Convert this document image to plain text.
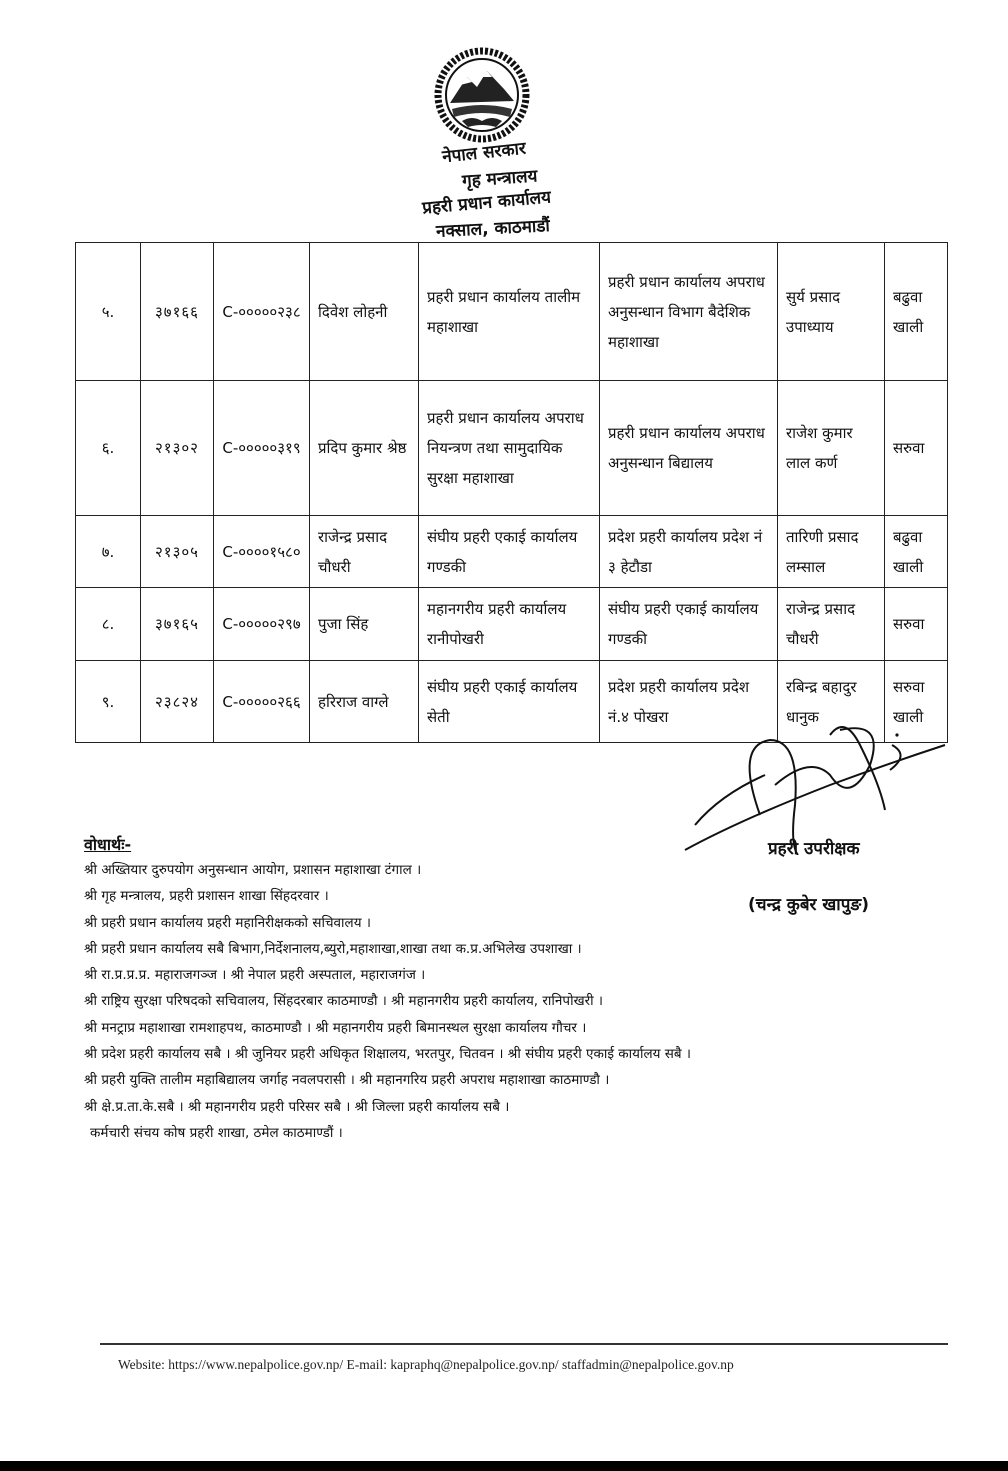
नेपाल सरकार
गृह मन्त्रालय
प्रहरी प्रधान कार्यालय
नक्साल, काठमाडौं
५.	३७१६६	C-०००००२३८	दिवेश लोहनी	प्रहरी प्रधान कार्यालय तालीम महाशाखा	प्रहरी प्रधान कार्यालय अपराध अनुसन्धान विभाग बैदेशिक महाशाखा	सुर्य प्रसाद उपाध्याय	बढुवा खाली
६.	२१३०२	C-०००००३१९	प्रदिप कुमार श्रेष्ठ	प्रहरी प्रधान कार्यालय अपराध नियन्त्रण तथा सामुदायिक सुरक्षा महाशाखा	प्रहरी प्रधान कार्यालय अपराध अनुसन्धान बिद्यालय	राजेश कुमार लाल कर्ण	सरुवा
७.	२१३०५	C-००००१५८०	राजेन्द्र प्रसाद चौधरी	संघीय प्रहरी एकाई कार्यालय गण्डकी	प्रदेश प्रहरी कार्यालय प्रदेश नं ३ हेटौडा	तारिणी प्रसाद लम्साल	बढुवा खाली
८.	३७१६५	C-०००००२९७	पुजा सिंह	महानगरीय प्रहरी कार्यालय रानीपोखरी	संघीय प्रहरी एकाई कार्यालय गण्डकी	राजेन्द्र प्रसाद चौधरी	सरुवा
९.	२३८२४	C-०००००२६६	हरिराज वाग्ले	संघीय प्रहरी एकाई कार्यालय सेती	प्रदेश प्रहरी कार्यालय प्रदेश नं.४ पोखरा	रबिन्द्र बहादुर धानुक	सरुवा खाली
प्रहरी उपरीक्षक
(चन्द्र कुबेर खापुङ)
वोधार्थः-
श्री अख्तियार दुरुपयोग अनुसन्धान आयोग, प्रशासन महाशाखा टंगाल ।
श्री गृह मन्त्रालय, प्रहरी प्रशासन शाखा सिंहदरवार ।
श्री प्रहरी प्रधान कार्यालय प्रहरी महानिरीक्षकको सचिवालय ।
श्री प्रहरी प्रधान कार्यालय सबै बिभाग,निर्देशनालय,ब्युरो,महाशाखा,शाखा तथा क.प्र.अभिलेख उपशाखा ।
श्री रा.प्र.प्र.प्र. महाराजगञ्ज । श्री नेपाल प्रहरी अस्पताल, महाराजगंज ।
श्री राष्ट्रिय सुरक्षा परिषदको सचिवालय, सिंहदरबार काठमाण्डौ । श्री महानगरीय प्रहरी कार्यालय, रानिपोखरी ।
श्री मनट्राप्र महाशाखा रामशाहपथ, काठमाण्डौ । श्री महानगरीय प्रहरी बिमानस्थल सुरक्षा कार्यालय गौचर ।
श्री प्रदेश प्रहरी कार्यालय सबै । श्री जुनियर प्रहरी अधिकृत शिक्षालय, भरतपुर, चितवन । श्री संघीय प्रहरी एकाई कार्यालय सबै ।
श्री प्रहरी युक्ति तालीम महाबिद्यालय जर्गाह नवलपरासी । श्री महानगरिय प्रहरी अपराध महाशाखा काठमाण्डौ ।
श्री क्षे.प्र.ता.के.सबै । श्री महानगरीय प्रहरी परिसर सबै । श्री जिल्ला प्रहरी कार्यालय सबै ।
कर्मचारी संचय कोष प्रहरी शाखा, ठमेल काठमाण्डौं ।
Website: https://www.nepalpolice.gov.np/ E-mail: kapraphq@nepalpolice.gov.np/ staffadmin@nepalpolice.gov.np
